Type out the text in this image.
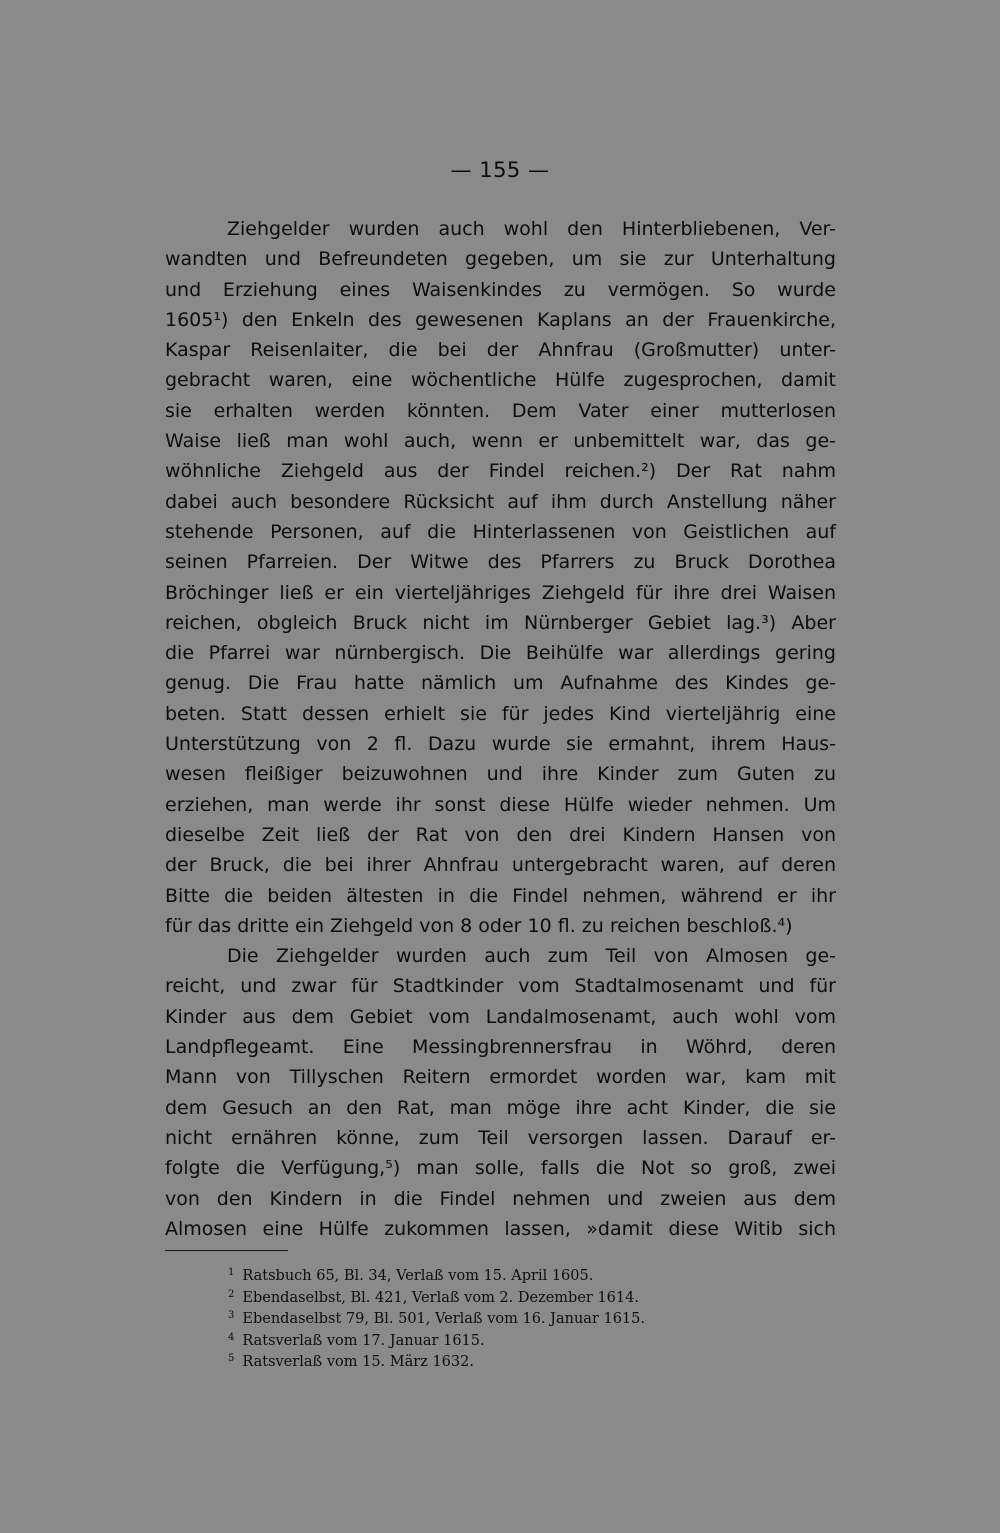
— 155 —
Ziehgelder wurden auch wohl den Hinterbliebenen, Ver-
wandten und Befreundeten gegeben, um sie zur Unterhaltung
und Erziehung eines Waisenkindes zu vermögen. So wurde
1605¹) den Enkeln des gewesenen Kaplans an der Frauenkirche,
Kaspar Reisenlaiter, die bei der Ahnfrau (Großmutter) unter-
gebracht waren, eine wöchentliche Hülfe zugesprochen, damit
sie erhalten werden könnten. Dem Vater einer mutterlosen
Waise ließ man wohl auch, wenn er unbemittelt war, das ge-
wöhnliche Ziehgeld aus der Findel reichen.²) Der Rat nahm
dabei auch besondere Rücksicht auf ihm durch Anstellung näher
stehende Personen, auf die Hinterlassenen von Geistlichen auf
seinen Pfarreien. Der Witwe des Pfarrers zu Bruck Dorothea
Bröchinger ließ er ein vierteljähriges Ziehgeld für ihre drei Waisen
reichen, obgleich Bruck nicht im Nürnberger Gebiet lag.³) Aber
die Pfarrei war nürnbergisch. Die Beihülfe war allerdings gering
genug. Die Frau hatte nämlich um Aufnahme des Kindes ge-
beten. Statt dessen erhielt sie für jedes Kind vierteljährig eine
Unterstützung von 2 fl. Dazu wurde sie ermahnt, ihrem Haus-
wesen fleißiger beizuwohnen und ihre Kinder zum Guten zu
erziehen, man werde ihr sonst diese Hülfe wieder nehmen. Um
dieselbe Zeit ließ der Rat von den drei Kindern Hansen von
der Bruck, die bei ihrer Ahnfrau untergebracht waren, auf deren
Bitte die beiden ältesten in die Findel nehmen, während er ihr
für das dritte ein Ziehgeld von 8 oder 10 fl. zu reichen beschloß.⁴)
Die Ziehgelder wurden auch zum Teil von Almosen ge-
reicht, und zwar für Stadtkinder vom Stadtalmosenamt und für
Kinder aus dem Gebiet vom Landalmosenamt, auch wohl vom
Landpflegeamt. Eine Messingbrennersfrau in Wöhrd, deren
Mann von Tillyschen Reitern ermordet worden war, kam mit
dem Gesuch an den Rat, man möge ihre acht Kinder, die sie
nicht ernähren könne, zum Teil versorgen lassen. Darauf er-
folgte die Verfügung,⁵) man solle, falls die Not so groß, zwei
von den Kindern in die Findel nehmen und zweien aus dem
Almosen eine Hülfe zukommen lassen, »damit diese Witib sich
$^1$ Ratsbuch 65, Bl. 34, Verlaß vom 15. April 1605.
$^2$ Ebendaselbst, Bl. 421, Verlaß vom 2. Dezember 1614.
$^3$ Ebendaselbst 79, Bl. 501, Verlaß vom 16. Januar 1615.
$^4$ Ratsverlaß vom 17. Januar 1615.
$^5$ Ratsverlaß vom 15. März 1632.
